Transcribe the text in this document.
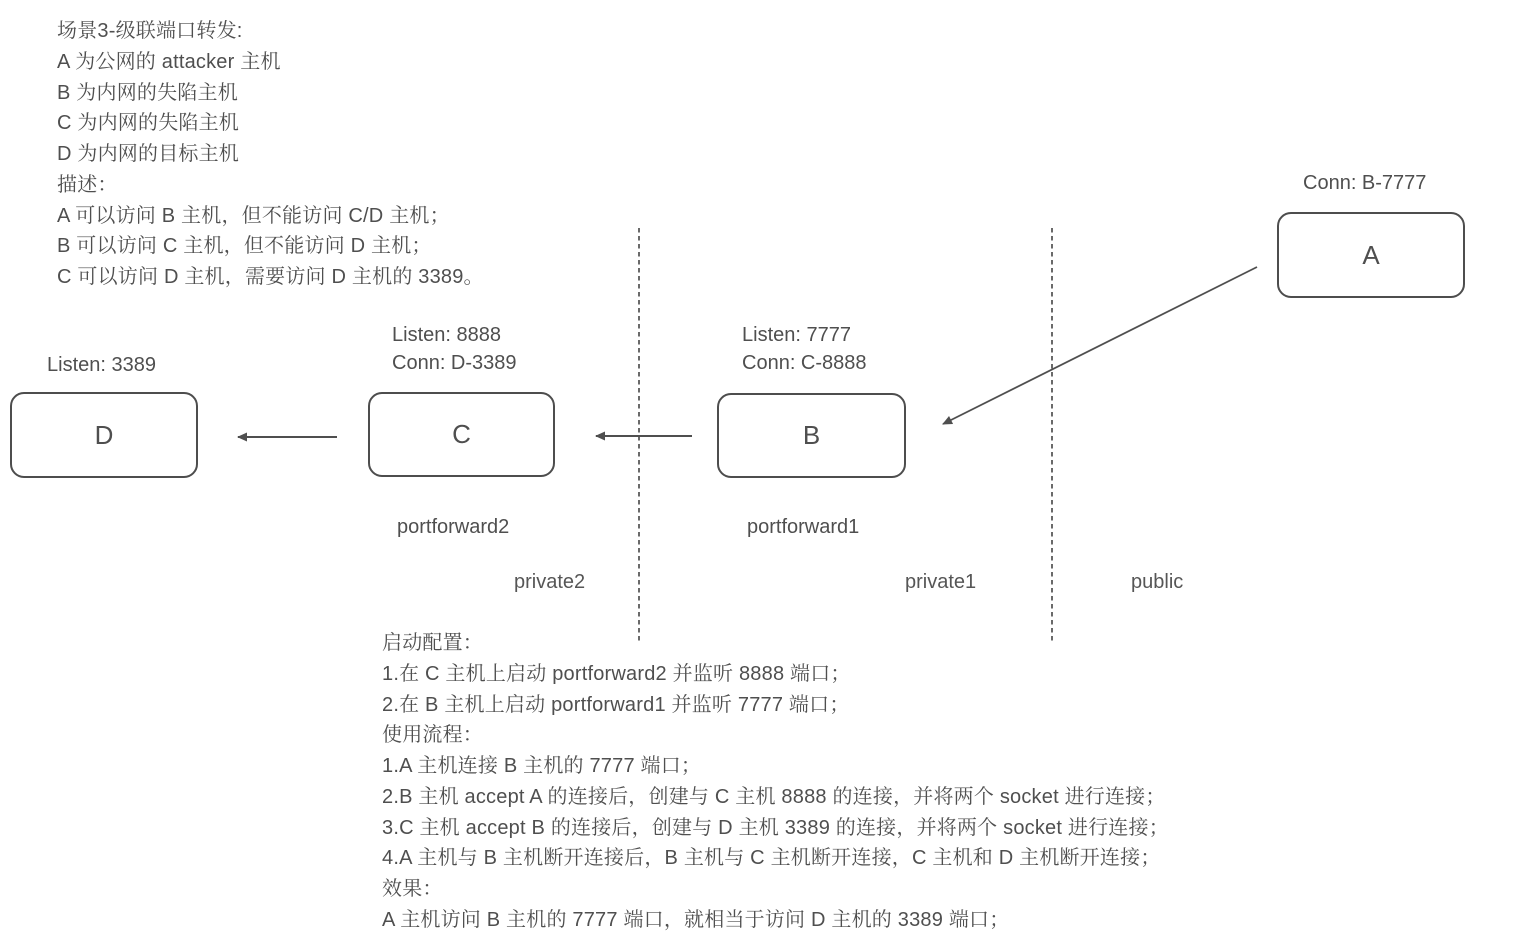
场景3-级联端口转发:
A 为公网的 attacker 主机
B 为内网的失陷主机
C 为内网的失陷主机
D 为内网的目标主机
描述：
A 可以访问 B 主机，但不能访问 C/D 主机；
B 可以访问 C 主机，但不能访问 D 主机；
C 可以访问 D 主机，需要访问 D 主机的 3389。
Conn: B-7777
A
Listen: 3389
D
Listen: 8888
Conn: D-3389
C
portforward2
Listen: 7777
Conn: C-8888
B
portforward1
private2	private1	public
启动配置：
1.在 C 主机上启动 portforward2 并监听 8888 端口；
2.在 B 主机上启动 portforward1 并监听 7777 端口；
使用流程：
1.A 主机连接 B 主机的 7777 端口；
2.B 主机 accept A 的连接后，创建与 C 主机 8888 的连接，并将两个 socket 进行连接；
3.C 主机 accept B 的连接后，创建与 D 主机 3389 的连接，并将两个 socket 进行连接；
4.A 主机与 B 主机断开连接后，B 主机与 C 主机断开连接，C 主机和 D 主机断开连接；
效果：
A 主机访问 B 主机的 7777 端口，就相当于访问 D 主机的 3389 端口；
